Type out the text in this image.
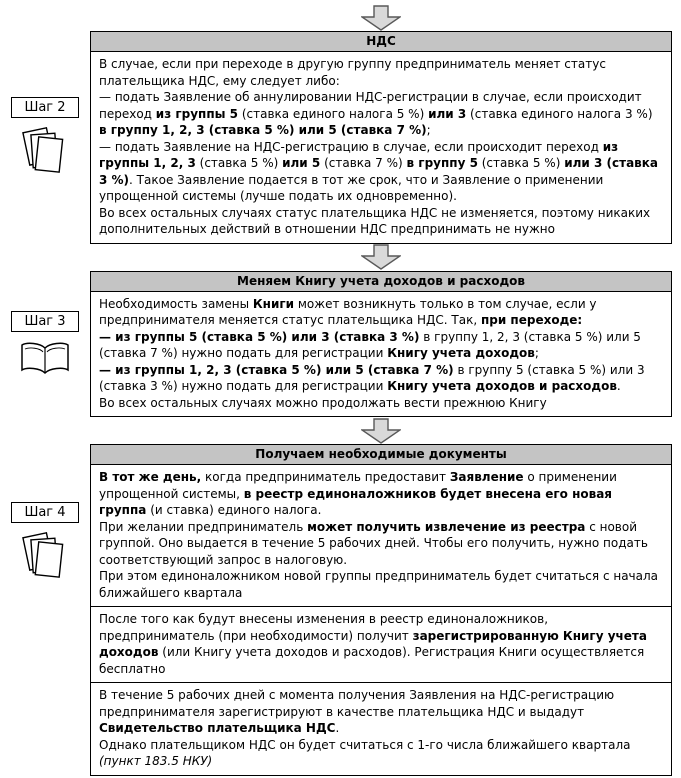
Шаг 2
НДС

В случае, если при переходе в другую группу предприниматель меняет статус плательщика НДС, ему следует либо:

— подать Заявление об аннулировании НДС-регистрации в случае, если происходит переход из группы 5 (ставка единого налога 5 %) или 3 (ставка единого налога 3 %) в группу 1, 2, 3 (ставка 5 %) или 5 (ставка 7 %);

— подать Заявление на НДС-регистрацию в случае, если происходит переход из группы 1, 2, 3 (ставка 5 %) или 5 (ставка 7 %) в группу 5 (ставка 5 %) или 3 (ставка 3 %). Такое Заявление подается в тот же срок, что и Заявление о применении упрощенной системы (лучше подать их одновременно).

Во всех остальных случаях статус плательщика НДС не изменяется, поэтому никаких дополнительных действий в отношении НДС предпринимать не нужно

Шаг 3
Меняем Книгу учета доходов и расходов

Необходимость замены Книги может возникнуть только в том случае, если у предпринимателя меняется статус плательщика НДС. Так, при переходе:

— из группы 5 (ставка 5 %) или 3 (ставка 3 %) в группу 1, 2, 3 (ставка 5 %) или 5 (ставка 7 %) нужно подать для регистрации Книгу учета доходов;

— из группы 1, 2, 3 (ставка 5 %) или 5 (ставка 7 %) в группу 5 (ставка 5 %) или 3 (ставка 3 %) нужно подать для регистрации Книгу учета доходов и расходов.

Во всех остальных случаях можно продолжать вести прежнюю Книгу

Шаг 4
Получаем необходимые документы

В тот же день, когда предприниматель предоставит Заявление о применении упрощенной системы, в реестр единоналожников будет внесена его новая группа (и ставка) единого налога.

При желании предприниматель может получить извлечение из реестра с новой группой. Оно выдается в течение 5 рабочих дней. Чтобы его получить, нужно подать соответствующий запрос в налоговую.

При этом единоналожником новой группы предприниматель будет считаться с начала ближайшего квартала

После того как будут внесены изменения в реестр единоналожников, предприниматель (при необходимости) получит зарегистрированную Книгу учета доходов (или Книгу учета доходов и расходов). Регистрация Книги осуществляется бесплатно

В течение 5 рабочих дней с момента получения Заявления на НДС-регистрацию предпринимателя зарегистрируют в качестве плательщика НДС и выдадут Свидетельство плательщика НДС.

Однако плательщиком НДС он будет считаться с 1-го числа ближайшего квартала (пункт 183.5 НКУ)
